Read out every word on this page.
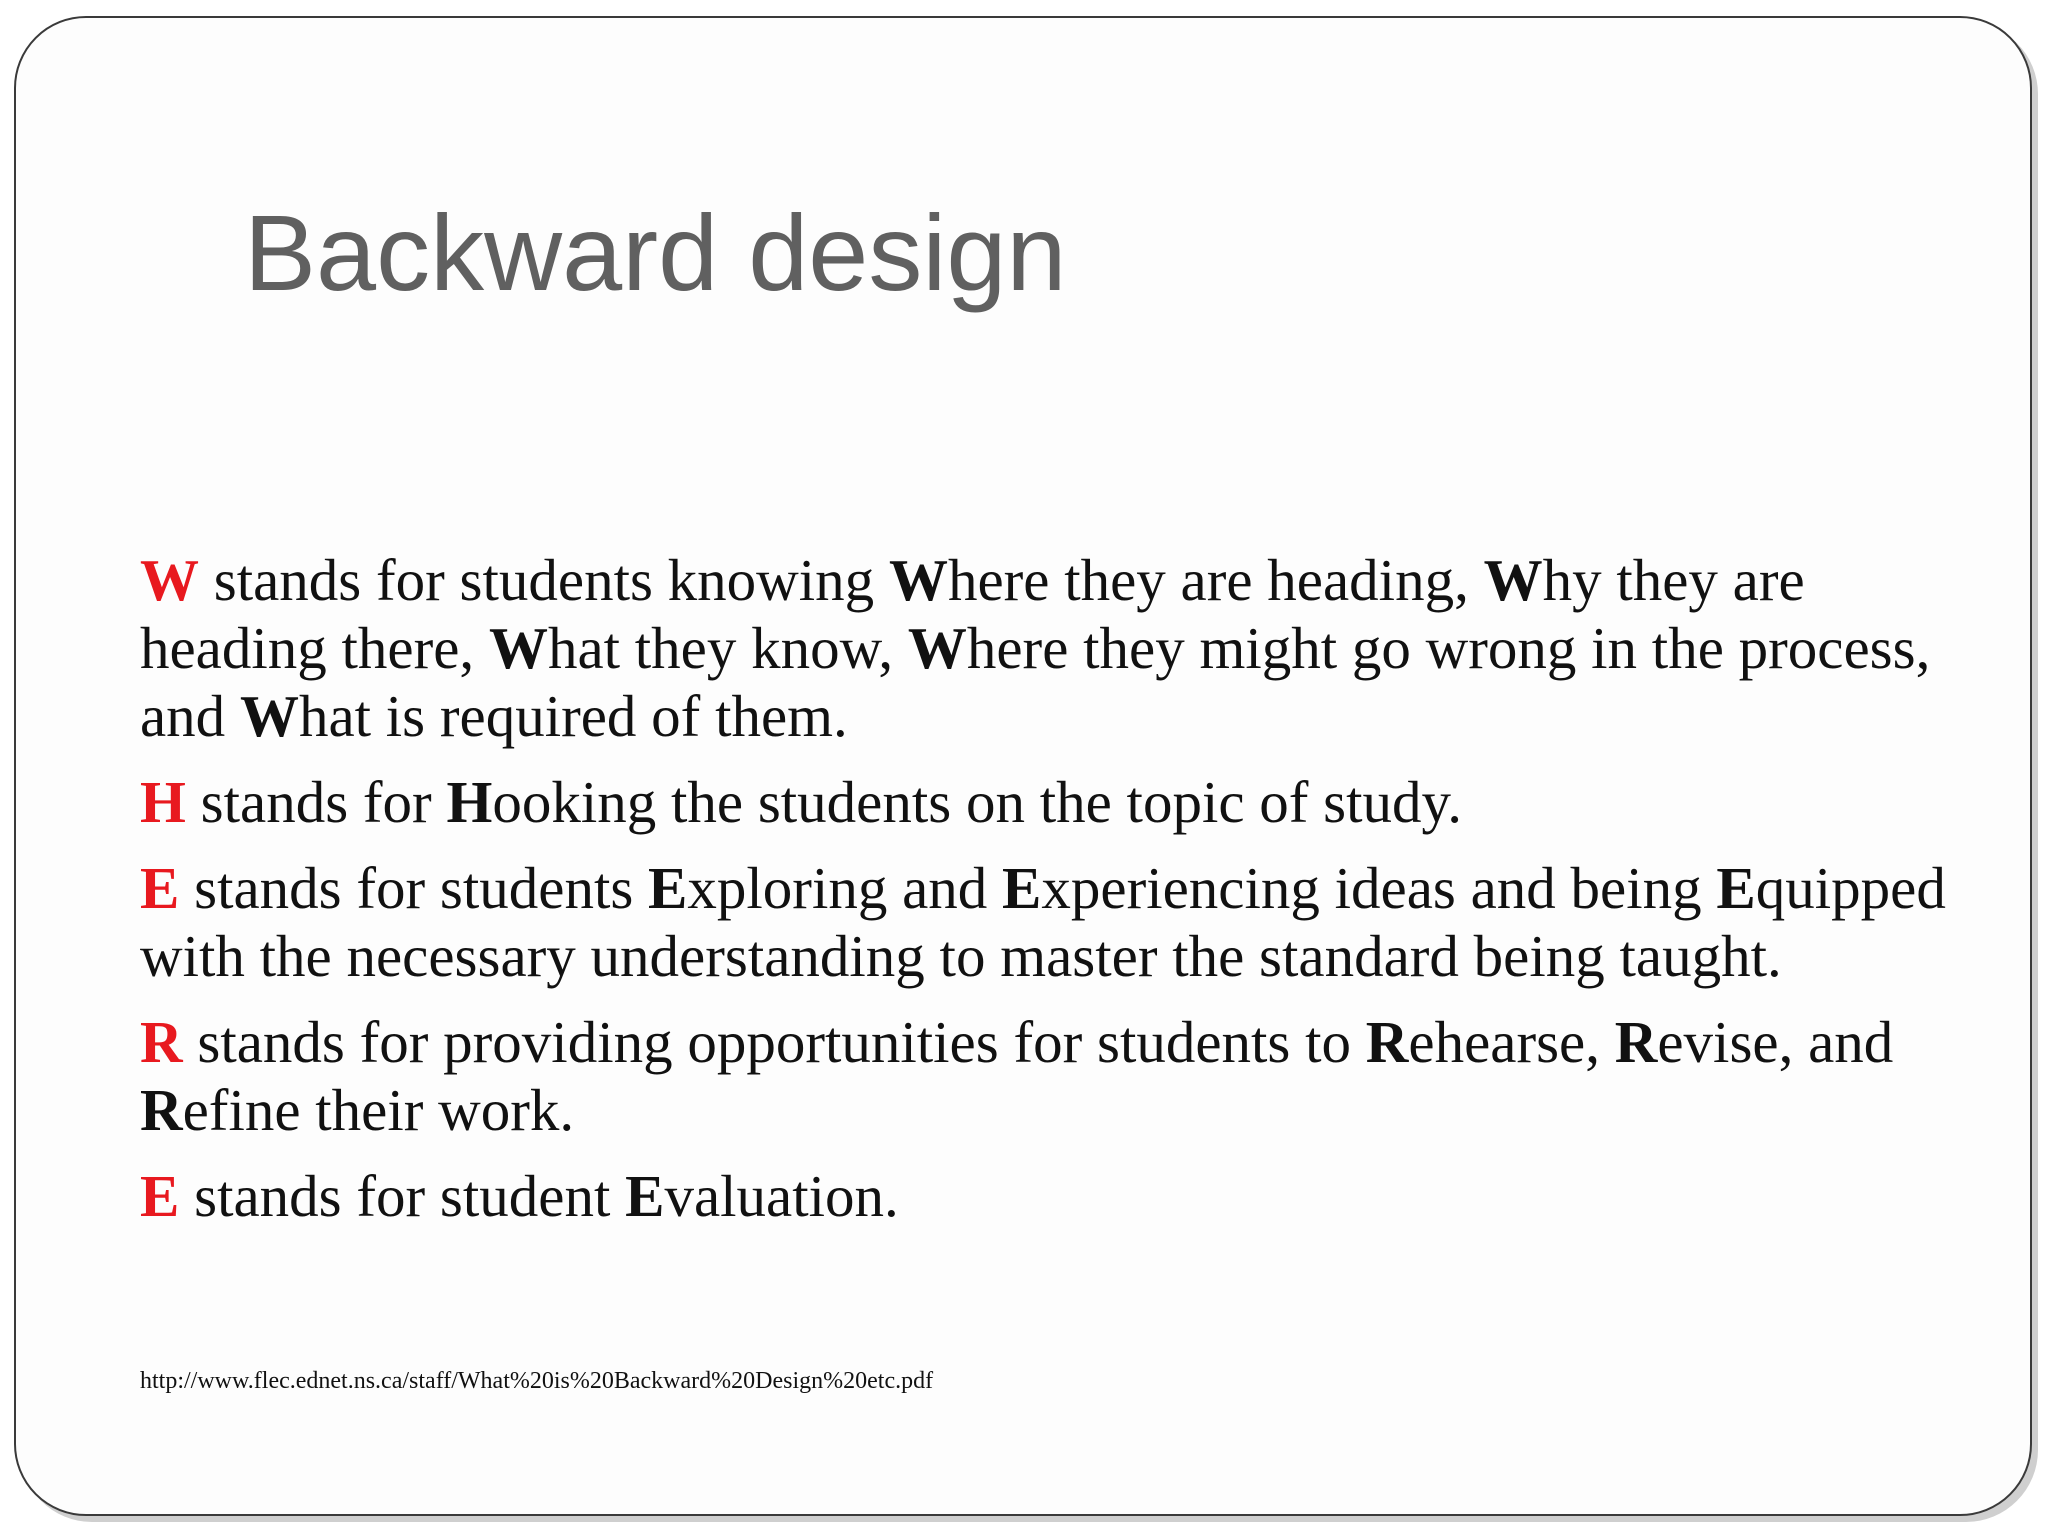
Backward design

W stands for students knowing Where they are heading, Why they are heading there, What they know, Where they might go wrong in the process, and What is required of them.

H stands for Hooking the students on the topic of study.

E stands for students Exploring and Experiencing ideas and being Equipped with the necessary understanding to master the standard being taught.

R stands for providing opportunities for students to Rehearse, Revise, and Refine their work.

E stands for student Evaluation.

http://www.flec.ednet.ns.ca/staff/What%20is%20Backward%20Design%20etc.pdf
